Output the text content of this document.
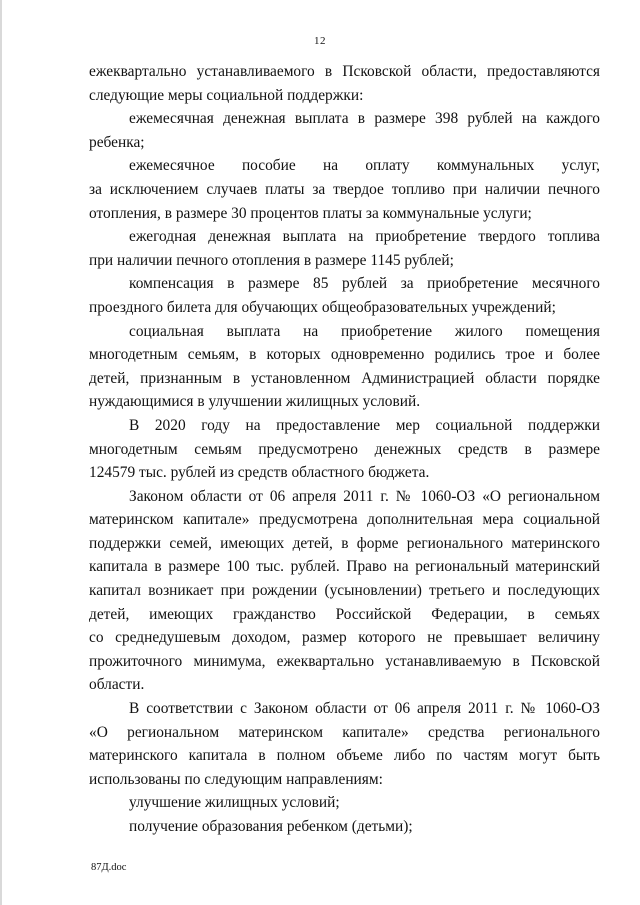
12
ежеквартально устанавливаемого в Псковской области, предоставляются
следующие меры социальной поддержки:
ежемесячная денежная выплата в размере 398 рублей на каждого
ребенка;
ежемесячное пособие на оплату коммунальных услуг,
за исключением случаев платы за твердое топливо при наличии печного
отопления, в размере 30 процентов платы за коммунальные услуги;
ежегодная денежная выплата на приобретение твердого топлива
при наличии печного отопления в размере 1145 рублей;
компенсация в размере 85 рублей за приобретение месячного
проездного билета для обучающих общеобразовательных учреждений;
социальная выплата на приобретение жилого помещения
многодетным семьям, в которых одновременно родились трое и более
детей, признанным в установленном Администрацией области порядке
нуждающимися в улучшении жилищных условий.
В 2020 году на предоставление мер социальной поддержки
многодетным семьям предусмотрено денежных средств в размере
124579 тыс. рублей из средств областного бюджета.
Законом области от 06 апреля 2011 г. № 1060-ОЗ «О региональном
материнском капитале» предусмотрена дополнительная мера социальной
поддержки семей, имеющих детей, в форме регионального материнского
капитала в размере 100 тыс. рублей. Право на региональный материнский
капитал возникает при рождении (усыновлении) третьего и последующих
детей, имеющих гражданство Российской Федерации, в семьях
со среднедушевым доходом, размер которого не превышает величину
прожиточного минимума, ежеквартально устанавливаемую в Псковской
области.
В соответствии с Законом области от 06 апреля 2011 г. № 1060-ОЗ
«О региональном материнском капитале» средства регионального
материнского капитала в полном объеме либо по частям могут быть
использованы по следующим направлениям:
улучшение жилищных условий;
получение образования ребенком (детьми);
87Д.doc
